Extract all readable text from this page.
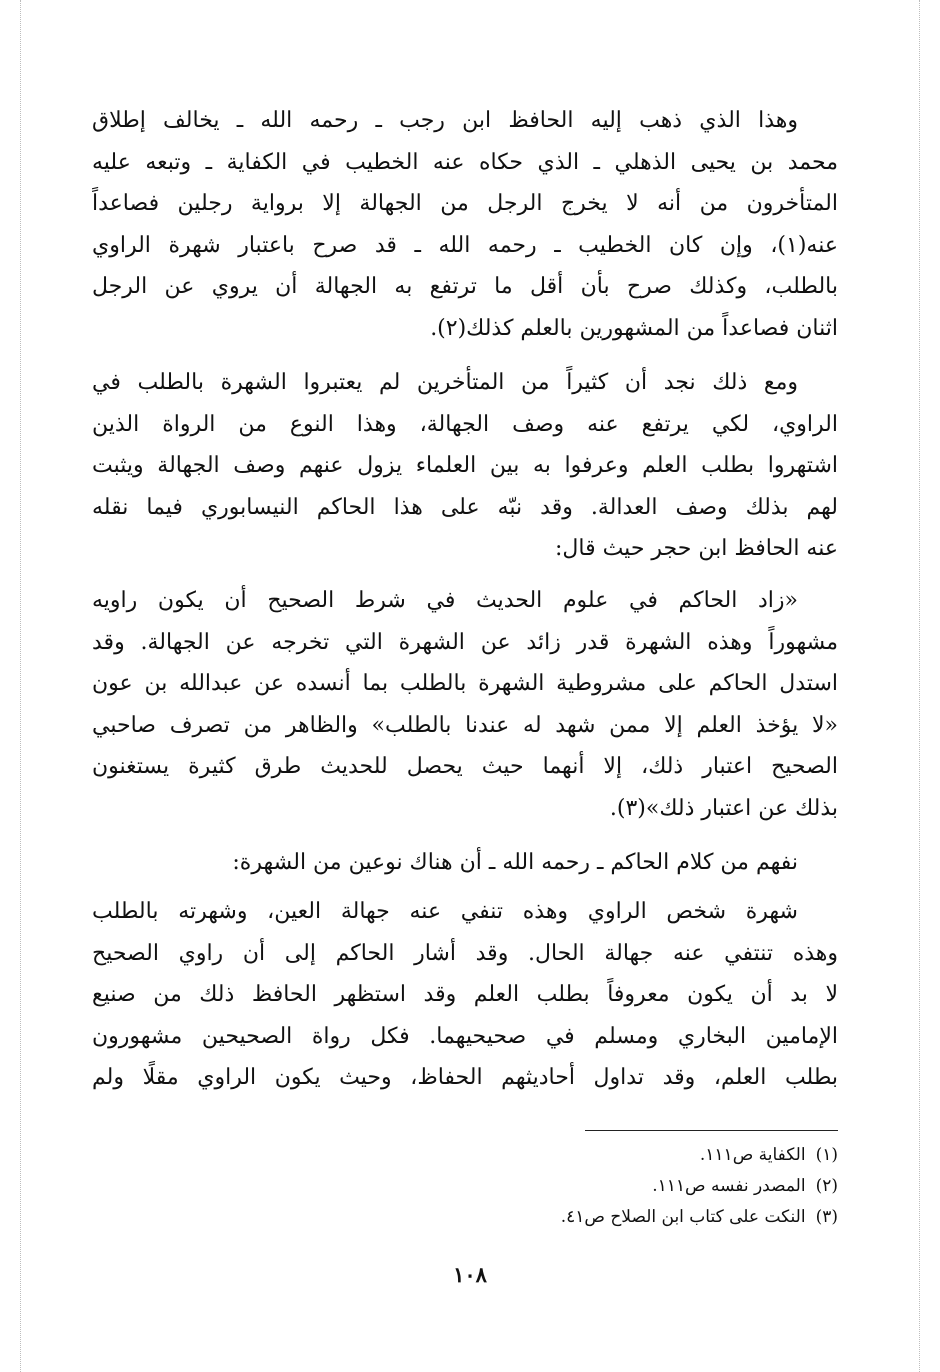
وهذا الذي ذهب إليه الحافظ ابن رجب ـ رحمه الله ـ يخالف إطلاق
محمد بن يحيى الذهلي ـ الذي حكاه عنه الخطيب في الكفاية ـ وتبعه عليه
المتأخرون من أنه لا يخرج الرجل من الجهالة إلا برواية رجلين فصاعداً
عنه(١)، وإن كان الخطيب ـ رحمه الله ـ قد صرح باعتبار شهرة الراوي
بالطلب، وكذلك صرح بأن أقل ما ترتفع به الجهالة أن يروي عن الرجل
اثنان فصاعداً من المشهورين بالعلم كذلك(٢).
ومع ذلك نجد أن كثيراً من المتأخرين لم يعتبروا الشهرة بالطلب في
الراوي، لكي يرتفع عنه وصف الجهالة، وهذا النوع من الرواة الذين
اشتهروا بطلب العلم وعرفوا به بين العلماء يزول عنهم وصف الجهالة ويثبت
لهم بذلك وصف العدالة. وقد نبّه على هذا الحاكم النيسابوري فيما نقله
عنه الحافظ ابن حجر حيث قال:
«زاد الحاكم في علوم الحديث في شرط الصحيح أن يكون راويه
مشهوراً وهذه الشهرة قدر زائد عن الشهرة التي تخرجه عن الجهالة. وقد
استدل الحاكم على مشروطية الشهرة بالطلب بما أنسده عن عبدالله بن عون
«لا يؤخذ العلم إلا ممن شهد له عندنا بالطلب» والظاهر من تصرف صاحبي
الصحيح اعتبار ذلك، إلا أنهما حيث يحصل للحديث طرق كثيرة يستغنون
بذلك عن اعتبار ذلك»(٣).
نفهم من كلام الحاكم ـ رحمه الله ـ أن هناك نوعين من الشهرة:
شهرة شخص الراوي وهذه تنفي عنه جهالة العين، وشهرته بالطلب
وهذه تنتفي عنه جهالة الحال. وقد أشار الحاكم إلى أن راوي الصحيح
لا بد أن يكون معروفاً بطلب العلم وقد استظهر الحافظ ذلك من صنيع
الإمامين البخاري ومسلم في صحيحيهما. فكل رواة الصحيحين مشهورون
بطلب العلم، وقد تداول أحاديثهم الحفاظ، وحيث يكون الراوي مقلًا ولم
(١)الكفاية ص١١١.
(٢)المصدر نفسه ص١١١.
(٣)النكت على كتاب ابن الصلاح ص٤١.
١٠٨
